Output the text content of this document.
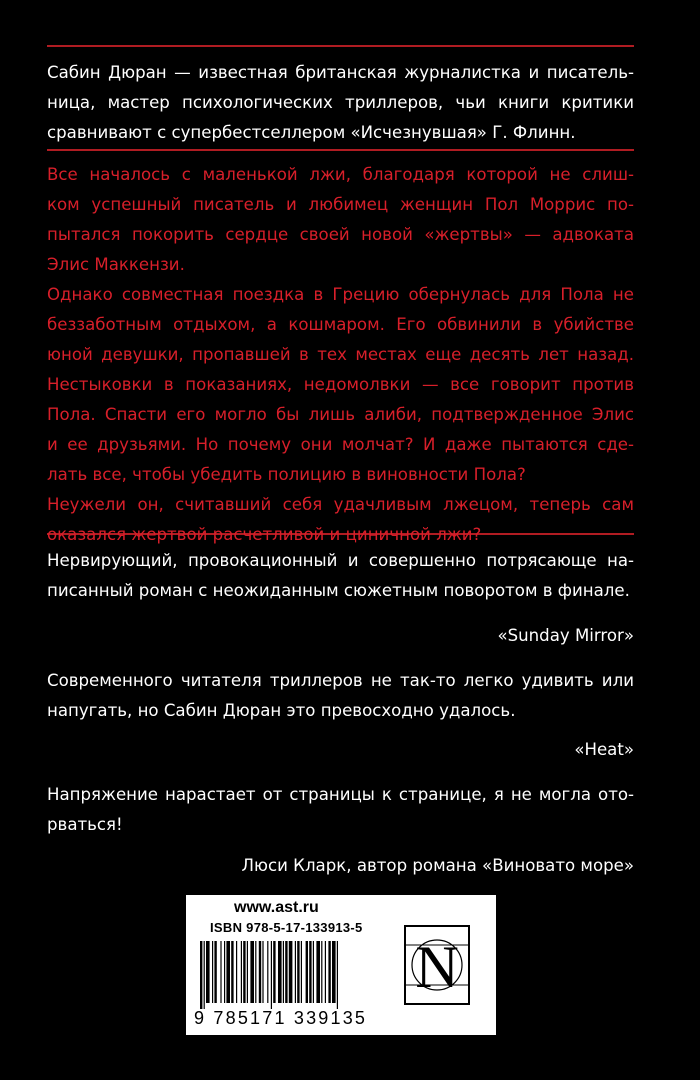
Сабин Дюран — известная британская журналистка и писатель-
ница, мастер психологических триллеров, чьи книги критики
сравнивают с супербестселлером «Исчезнувшая» Г. Флинн.
Все началось с маленькой лжи, благодаря которой не слиш-
ком успешный писатель и любимец женщин Пол Моррис по-
пытался покорить сердце своей новой «жертвы» — адвоката
Элис Маккензи.
Однако совместная поездка в Грецию обернулась для Пола не
беззаботным отдыхом, а кошмаром. Его обвинили в убийстве
юной девушки, пропавшей в тех местах еще десять лет назад.
Нестыковки в показаниях, недомолвки — все говорит против
Пола. Спасти его могло бы лишь алиби, подтвержденное Элис
и ее друзьями. Но почему они молчат? И даже пытаются сде-
лать все, чтобы убедить полицию в виновности Пола?
Неужели он, считавший себя удачливым лжецом, теперь сам
оказался жертвой расчетливой и циничной лжи?
Нервирующий, провокационный и совершенно потрясающе на-
писанный роман с неожиданным сюжетным поворотом в финале.
«Sunday Mirror»
Современного читателя триллеров не так-то легко удивить или
напугать, но Сабин Дюран это превосходно удалось.
«Heat»
Напряжение нарастает от страницы к странице, я не могла ото-
рваться!
Люси Кларк, автор романа «Виновато море»
www.ast.ru
ISBN 978-5-17-133913-5
9 785171 339135
N
